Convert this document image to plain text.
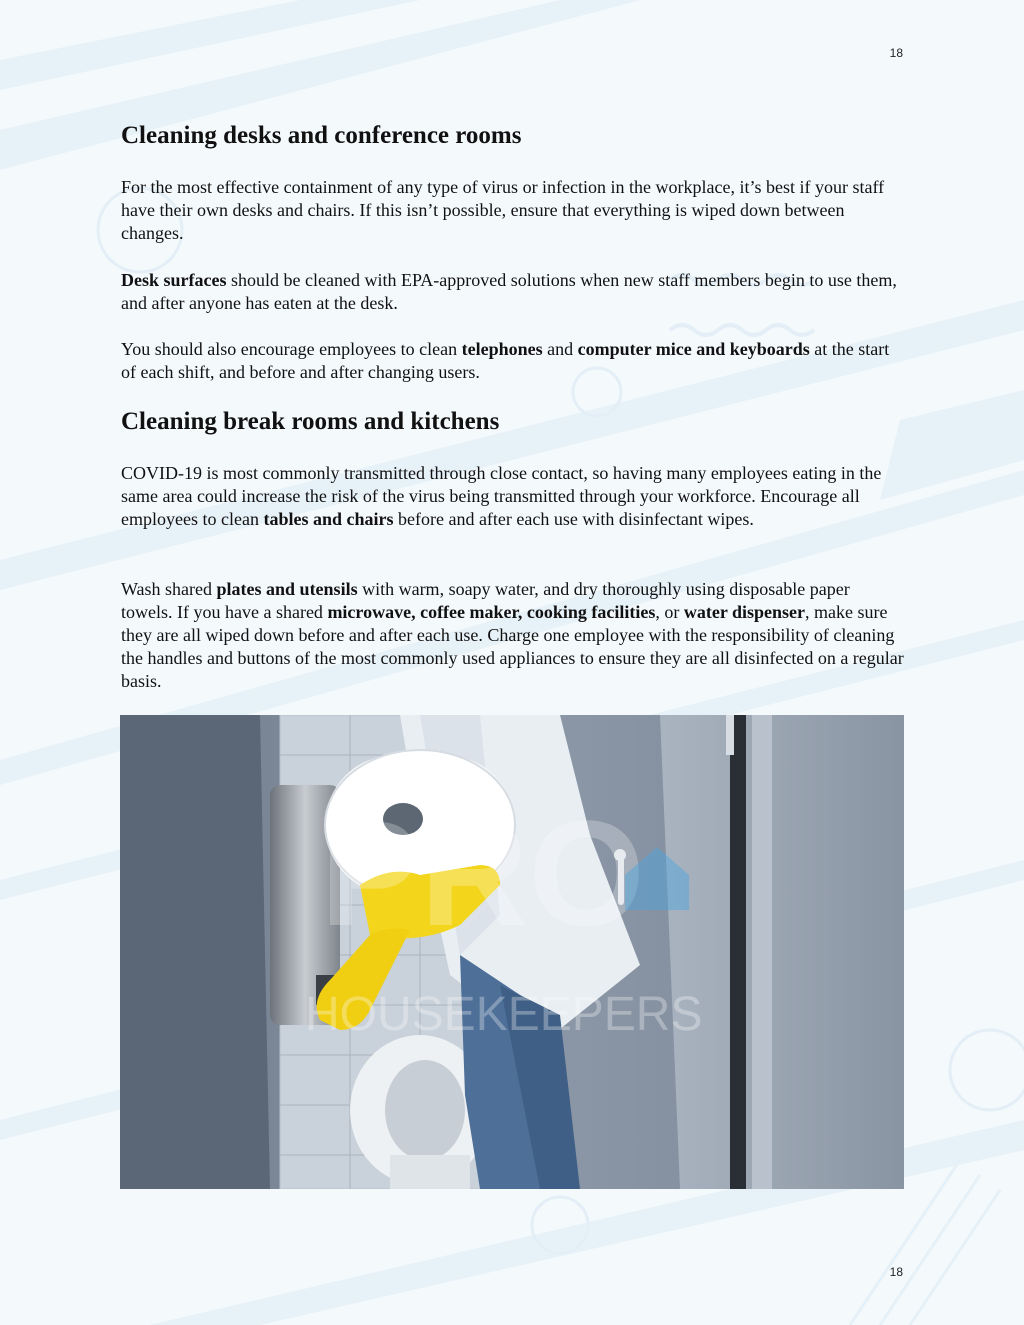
18
Cleaning desks and conference rooms

For the most effective containment of any type of virus or infection in the workplace, it’s best if your staff have their own desks and chairs. If this isn’t possible, ensure that everything is wiped down between changes.

Desk surfaces should be cleaned with EPA-approved solutions when new staff members begin to use them, and after anyone has eaten at the desk.

You should also encourage employees to clean telephones and computer mice and keyboards at the start of each shift, and before and after changing users.

Cleaning break rooms and kitchens

COVID-19 is most commonly transmitted through close contact, so having many employees eating in the same area could increase the risk of the virus being transmitted through your workforce. Encourage all employees to clean tables and chairs before and after each use with disinfectant wipes.

Wash shared plates and utensils with warm, soapy water, and dry thoroughly using disposable paper towels. If you have a shared microwave, coffee maker, cooking facilities, or water dispenser, make sure they are all wiped down before and after each use. Charge one employee with the responsibility of cleaning the handles and buttons of the most commonly used appliances to ensure they are all disinfected on a regular basis.

PRO
HOUSEKEEPERS
18
